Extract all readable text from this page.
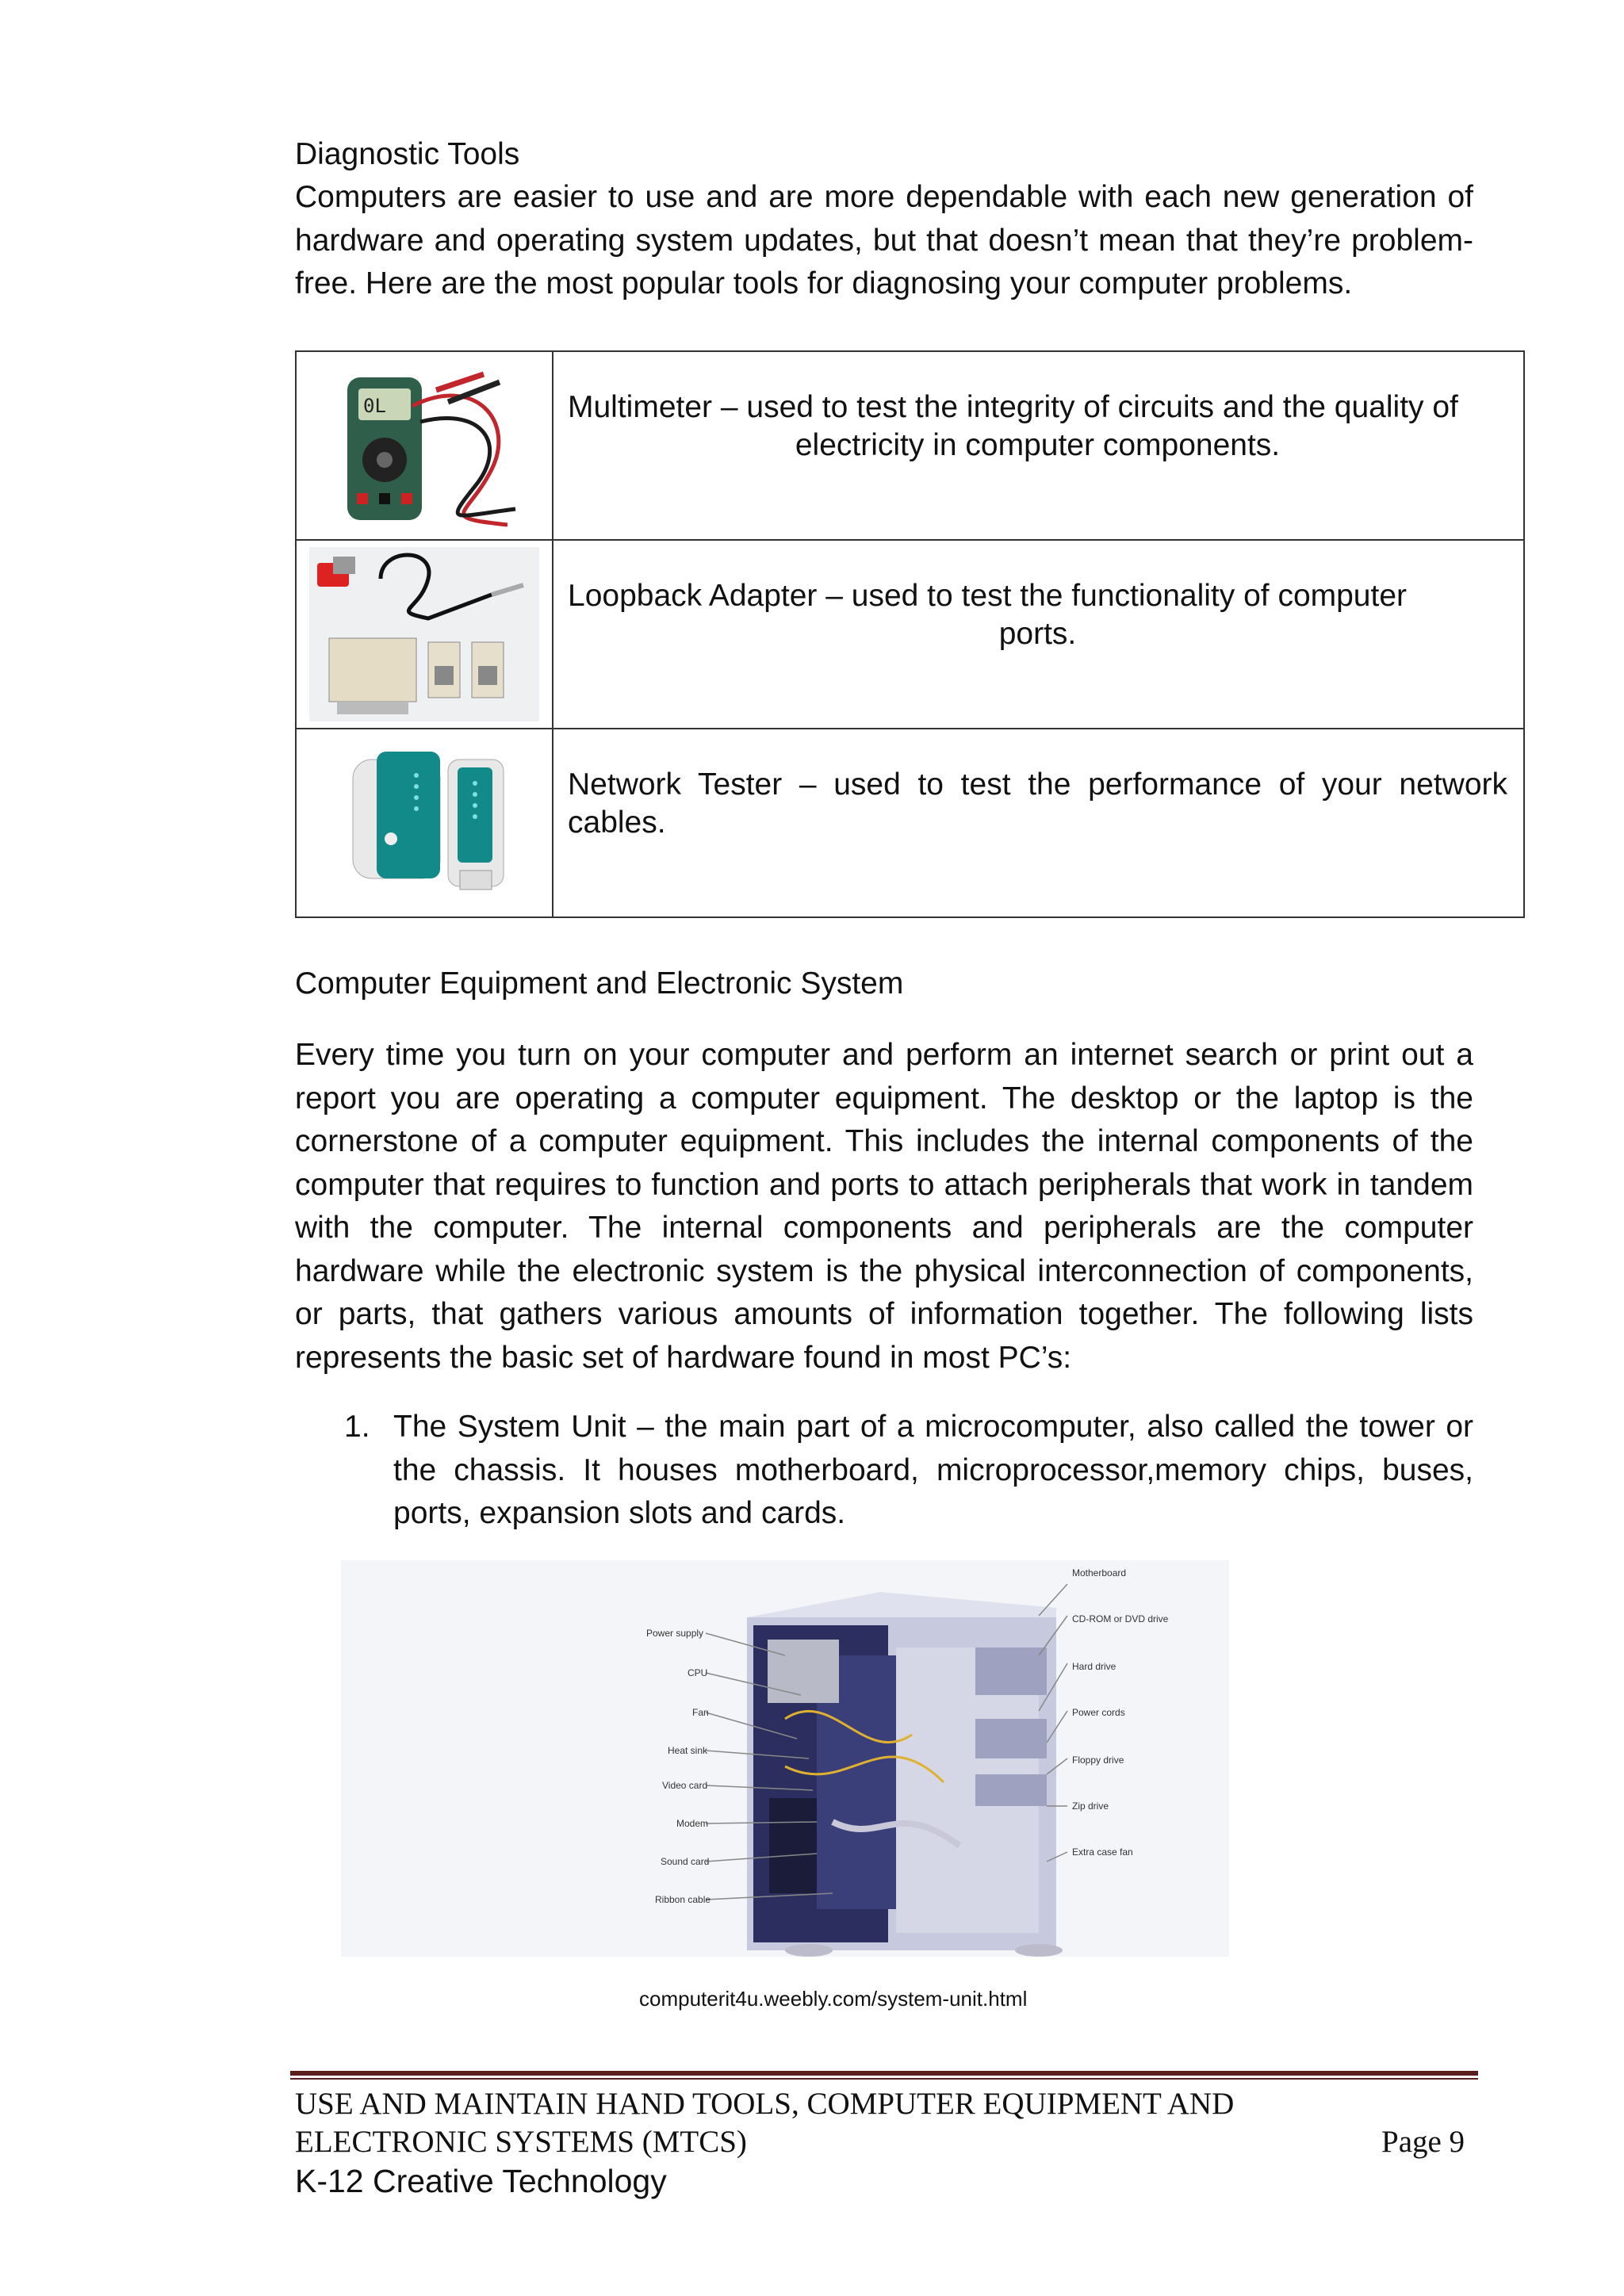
Diagnostic Tools
Computers are easier to use and are more dependable with each new generation of hardware and operating system updates, but that doesn’t mean that they’re problem-free. Here are the most popular tools for diagnosing your computer problems.
0L	Multimeter – used to test the integrity of circuits and the quality of
electricity in computer components.

	Loopback Adapter – used to test the functionality of computer
ports.

	Network Tester – used to test the performance of your network cables.
Computer Equipment and Electronic System
Every time you turn on your computer and perform an internet search or print out a report you are operating a computer equipment. The desktop or the laptop is the cornerstone of a computer equipment. This includes the internal components of the computer that requires to function and ports to attach peripherals that work in tandem with the computer. The internal components and peripherals are the computer hardware while the electronic system is the physical interconnection of components, or parts, that gathers various amounts of information together. The following lists represents the basic set of hardware found in most PC’s:
1. The System Unit – the main part of a microcomputer, also called the tower or the chassis. It houses motherboard, microprocessor,memory chips, buses, ports, expansion slots and cards.
Power supply
CPU
Fan
Heat sink
Video card
Modem
Sound card
Ribbon cable
Motherboard
CD-ROM or DVD drive
Hard drive
Power cords
Floppy drive
Zip drive
Extra case fan
computerit4u.weebly.com/system-unit.html
USE AND MAINTAIN HAND TOOLS, COMPUTER EQUIPMENT AND
ELECTRONIC SYSTEMS (MTCS)	Page 9
K-12 Creative Technology
